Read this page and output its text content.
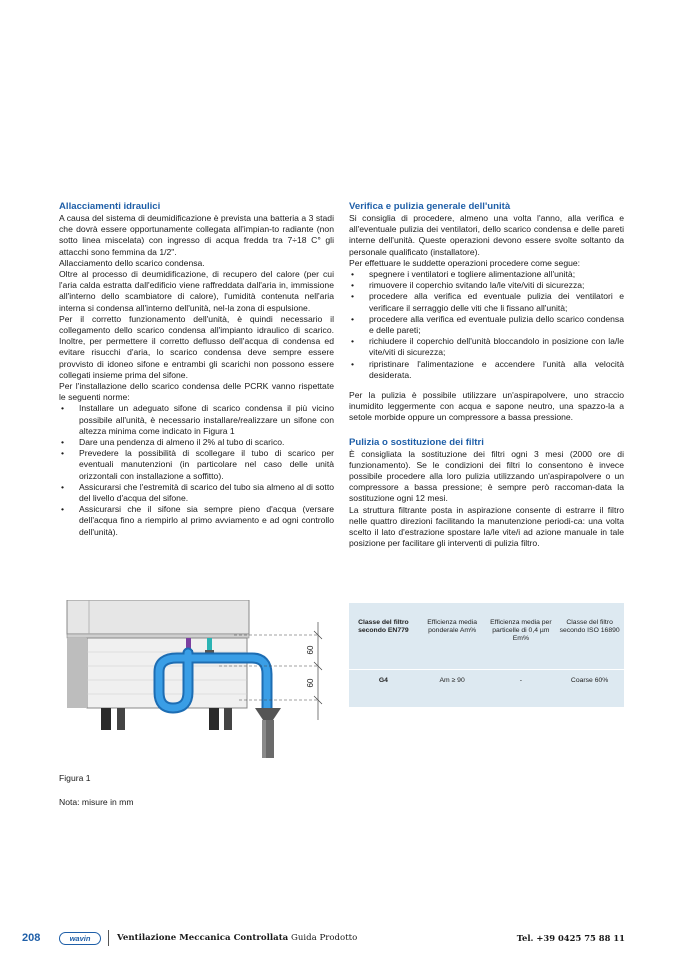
Allacciamenti idraulici

A causa del sistema di deumidificazione è prevista una batteria a 3 stadi che dovrà essere opportunamente collegata all'impian-to radiante (non sotto linea miscelata) con ingresso di acqua fredda tra 7÷18 C° gli attacchi sono femmina da 1/2".

Allacciamento dello scarico condensa.

Oltre al processo di deumidificazione, di recupero del calore (per cui l'aria calda estratta dall'edificio viene raffreddata dall'aria in, immissione all'interno dello scambiatore di calore), l'umidità contenuta nell'aria interna si condensa all'interno dell'unità, nel-la zona di espulsione.

Per il corretto funzionamento dell'unità, è quindi necessario il collegamento dello scarico condensa all'impianto idraulico di scarico. Inoltre, per permettere il corretto deflusso dell'acqua di condensa ed evitare risucchi d'aria, lo scarico condensa deve sempre essere provvisto di idoneo sifone e entrambi gli scarichi non possono essere collegati insieme prima del sifone.

Per l'installazione dello scarico condensa delle PCRK vanno rispettate le seguenti norme:

• Installare un adeguato sifone di scarico condensa il più vicino possibile all'unità, è necessario installare/realizzare un sifone con altezza minima come indicato in Figura 1
• Dare una pendenza di almeno il 2% al tubo di scarico.
• Prevedere la possibilità di scollegare il tubo di scarico per eventuali manutenzioni (in particolare nel caso delle unità orizzontali con installazione a soffitto).
• Assicurarsi che l'estremità di scarico del tubo sia almeno al di sotto del livello d'acqua del sifone.
• Assicurarsi che il sifone sia sempre pieno d'acqua (versare dell'acqua fino a riempirlo al primo avviamento e ad ogni controllo dell'unità).

Verifica e pulizia generale dell'unità

Si consiglia di procedere, almeno una volta l'anno, alla verifica e all'eventuale pulizia dei ventilatori, dello scarico condensa e delle pareti interne dell'unità. Queste operazioni devono essere svolte soltanto da personale qualificato (installatore).

Per effettuare le suddette operazioni procedere come segue:

• spegnere i ventilatori e togliere alimentazione all'unità;
• rimuovere il coperchio svitando la/le vite/viti di sicurezza;
• procedere alla verifica ed eventuale pulizia dei ventilatori e verificare il serraggio delle viti che li fissano all'unità;
• procedere alla verifica ed eventuale pulizia dello scarico condensa e delle pareti;
• richiudere il coperchio dell'unità bloccandolo in posizione con la/le vite/viti di sicurezza;
• ripristinare l'alimentazione e accendere l'unità alla velocità desiderata.

Per la pulizia è possibile utilizzare un'aspirapolvere, uno straccio inumidito leggermente con acqua e sapone neutro, una spazzo-la a setole morbide oppure un compressore a bassa pressione.

Pulizia o sostituzione dei filtri

È consigliata la sostituzione dei filtri ogni 3 mesi (2000 ore di funzionamento). Se le condizioni dei filtri lo consentono è invece possibile procedere alla loro pulizia utilizzando un'aspirapolvere o un compressore a bassa pressione; è sempre però raccoman-data la sostituzione ogni 12 mesi.

La struttura filtrante posta in aspirazione consente di estrarre il filtro nelle quattro direzioni facilitando la manutenzione periodi-ca: una volta scelto il lato d'estrazione spostare la/le vite/i ad azione manuale in tale posizione per facilitare gli interventi di pulizia filtro.

60
60
Figura 1
Nota: misure in mm
Classe del filtro secondo EN779	Efficienza media ponderale Am%	Efficienza media per particelle di 0,4 µm Em%	Classe del filtro secondo ISO 16890

G4	Am ≥ 90	-	Coarse 60%
208	wavin	Ventilazione Meccanica Controllata Guida Prodotto	Tel. +39 0425 75 88 11
